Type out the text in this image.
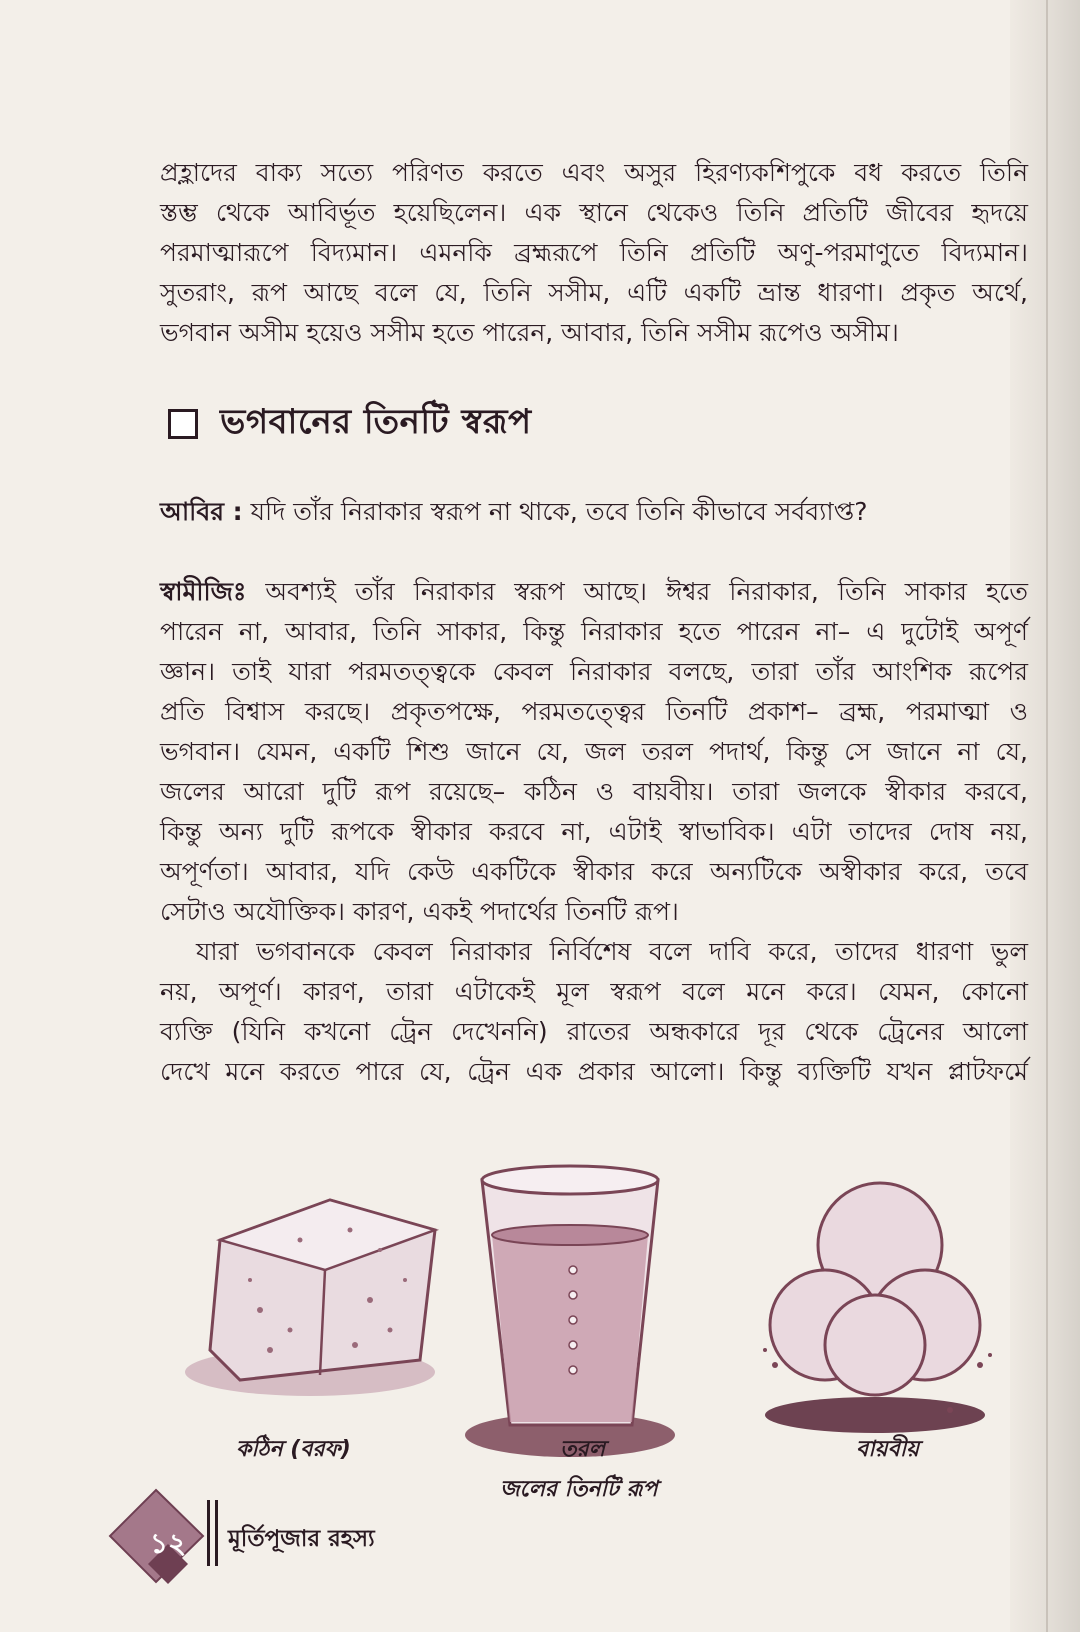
প্রহ্লাদের বাক্য সত্যে পরিণত করতে এবং অসুর হিরণ্যকশিপুকে বধ করতে তিনি
স্তম্ভ থেকে আবির্ভূত হয়েছিলেন। এক স্থানে থেকেও তিনি প্রতিটি জীবের হৃদয়ে
পরমাত্মারূপে বিদ্যমান। এমনকি ব্রহ্মরূপে তিনি প্রতিটি অণু-পরমাণুতে বিদ্যমান।
সুতরাং, রূপ আছে বলে যে, তিনি সসীম, এটি একটি ভ্রান্ত ধারণা। প্রকৃত অর্থে,
ভগবান অসীম হয়েও সসীম হতে পারেন, আবার, তিনি সসীম রূপেও অসীম।
ভগবানের তিনটি স্বরূপ
আবির : যদি তাঁর নিরাকার স্বরূপ না থাকে, তবে তিনি কীভাবে সর্বব্যাপ্ত?
স্বামীজিঃ অবশ্যই তাঁর নিরাকার স্বরূপ আছে। ঈশ্বর নিরাকার, তিনি সাকার হতে
পারেন না, আবার, তিনি সাকার, কিন্তু নিরাকার হতে পারেন না– এ দুটোই অপূর্ণ
জ্ঞান। তাই যারা পরমতত্ত্বকে কেবল নিরাকার বলছে, তারা তাঁর আংশিক রূপের
প্রতি বিশ্বাস করছে। প্রকৃতপক্ষে, পরমতত্ত্বের তিনটি প্রকাশ– ব্রহ্ম, পরমাত্মা ও
ভগবান। যেমন, একটি শিশু জানে যে, জল তরল পদার্থ, কিন্তু সে জানে না যে,
জলের আরো দুটি রূপ রয়েছে– কঠিন ও বায়বীয়। তারা জলকে স্বীকার করবে,
কিন্তু অন্য দুটি রূপকে স্বীকার করবে না, এটাই স্বাভাবিক। এটা তাদের দোষ নয়,
অপূর্ণতা। আবার, যদি কেউ একটিকে স্বীকার করে অন্যটিকে অস্বীকার করে, তবে
সেটাও অযৌক্তিক। কারণ, একই পদার্থের তিনটি রূপ।
যারা ভগবানকে কেবল নিরাকার নির্বিশেষ বলে দাবি করে, তাদের ধারণা ভুল
নয়, অপূর্ণ। কারণ, তারা এটাকেই মূল স্বরূপ বলে মনে করে। যেমন, কোনো
ব্যক্তি (যিনি কখনো ট্রেন দেখেননি) রাতের অন্ধকারে দূর থেকে ট্রেনের আলো
দেখে মনে করতে পারে যে, ট্রেন এক প্রকার আলো। কিন্তু ব্যক্তিটি যখন প্লাটফর্মে
কঠিন (বরফ)	তরল	বায়বীয়
জলের তিনটি রূপ
১২	মূর্তিপূজার রহস্য
